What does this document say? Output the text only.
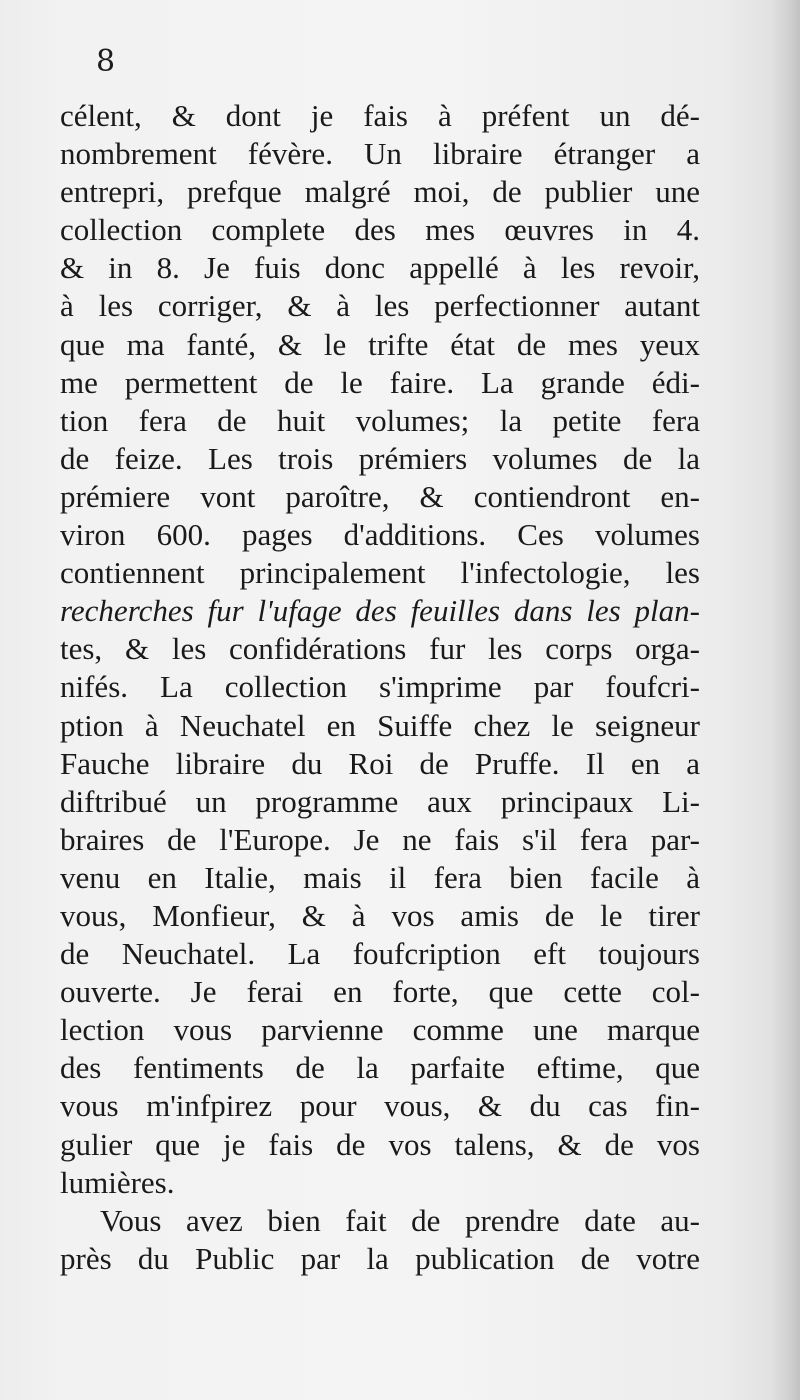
8
célent, & dont je fais à préfent un dé-
nombrement févère. Un libraire étranger a
entrepri, prefque malgré moi, de publier une
collection complete des mes œuvres in 4.
& in 8. Je fuis donc appellé à les revoir,
à les corriger, & à les perfectionner autant
que ma fanté, & le trifte état de mes yeux
me permettent de le faire. La grande édi-
tion fera de huit volumes; la petite fera
de feize. Les trois prémiers volumes de la
prémiere vont paroître, & contiendront en-
viron 600. pages d'additions. Ces volumes
contiennent principalement l'infectologie, les
recherches fur l'ufage des feuilles dans les plan-
tes, & les confidérations fur les corps orga-
nifés. La collection s'imprime par foufcri-
ption à Neuchatel en Suiffe chez le seigneur
Fauche libraire du Roi de Pruffe. Il en a
diftribué un programme aux principaux Li-
braires de l'Europe. Je ne fais s'il fera par-
venu en Italie, mais il fera bien facile à
vous, Monfieur, & à vos amis de le tirer
de Neuchatel. La foufcription eft toujours
ouverte. Je ferai en forte, que cette col-
lection vous parvienne comme une marque
des fentiments de la parfaite eftime, que
vous m'infpirez pour vous, & du cas fin-
gulier que je fais de vos talens, & de vos
lumières.
Vous avez bien fait de prendre date au-
près du Public par la publication de votre
